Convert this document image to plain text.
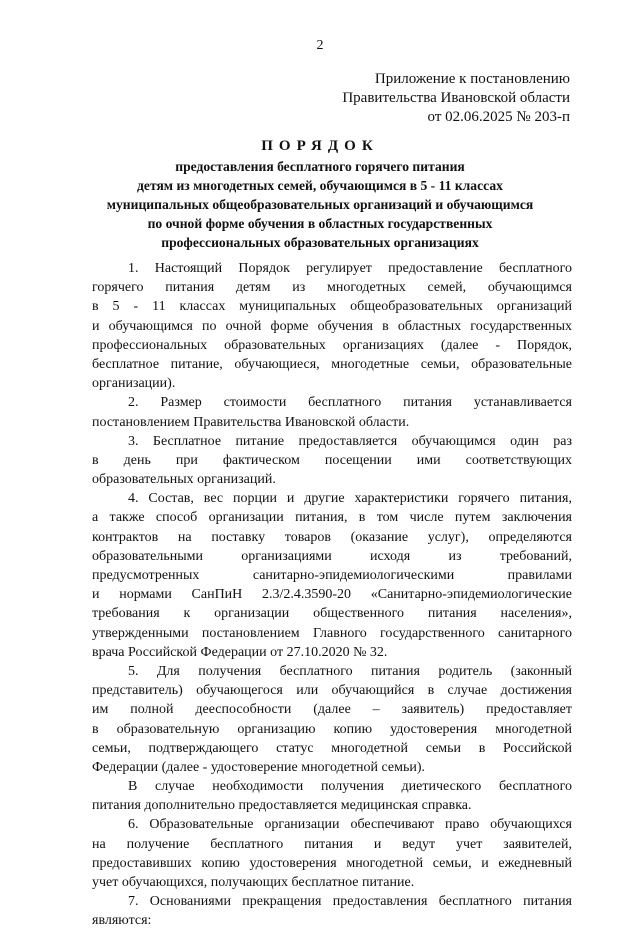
2
Приложение к постановлению
Правительства Ивановской области
от 02.06.2025 № 203-п
ПОРЯДОК
предоставления бесплатного горячего питания
детям из многодетных семей, обучающимся в 5 - 11 классах
муниципальных общеобразовательных организаций и обучающимся
по очной форме обучения в областных государственных
профессиональных образовательных организациях
1. Настоящий Порядок регулирует предоставление бесплатного
горячего питания детям из многодетных семей, обучающимся
в 5 - 11 классах муниципальных общеобразовательных организаций
и обучающимся по очной форме обучения в областных государственных
профессиональных образовательных организациях (далее - Порядок,
бесплатное питание, обучающиеся, многодетные семьи, образовательные
организации).
2. Размер стоимости бесплатного питания устанавливается
постановлением Правительства Ивановской области.
3. Бесплатное питание предоставляется обучающимся один раз
в день при фактическом посещении ими соответствующих
образовательных организаций.
4. Состав, вес порции и другие характеристики горячего питания,
а также способ организации питания, в том числе путем заключения
контрактов на поставку товаров (оказание услуг), определяются
образовательными организациями исходя из требований,
предусмотренных санитарно-эпидемиологическими правилами
и нормами СанПиН 2.3/2.4.3590-20 «Санитарно-эпидемиологические
требования к организации общественного питания населения»,
утвержденными постановлением Главного государственного санитарного
врача Российской Федерации от 27.10.2020 № 32.
5. Для получения бесплатного питания родитель (законный
представитель) обучающегося или обучающийся в случае достижения
им полной дееспособности (далее – заявитель) предоставляет
в образовательную организацию копию удостоверения многодетной
семьи, подтверждающего статус многодетной семьи в Российской
Федерации (далее - удостоверение многодетной семьи).
В случае необходимости получения диетического бесплатного
питания дополнительно предоставляется медицинская справка.
6. Образовательные организации обеспечивают право обучающихся
на получение бесплатного питания и ведут учет заявителей,
предоставивших копию удостоверения многодетной семьи, и ежедневный
учет обучающихся, получающих бесплатное питание.
7. Основаниями прекращения предоставления бесплатного питания
являются:
